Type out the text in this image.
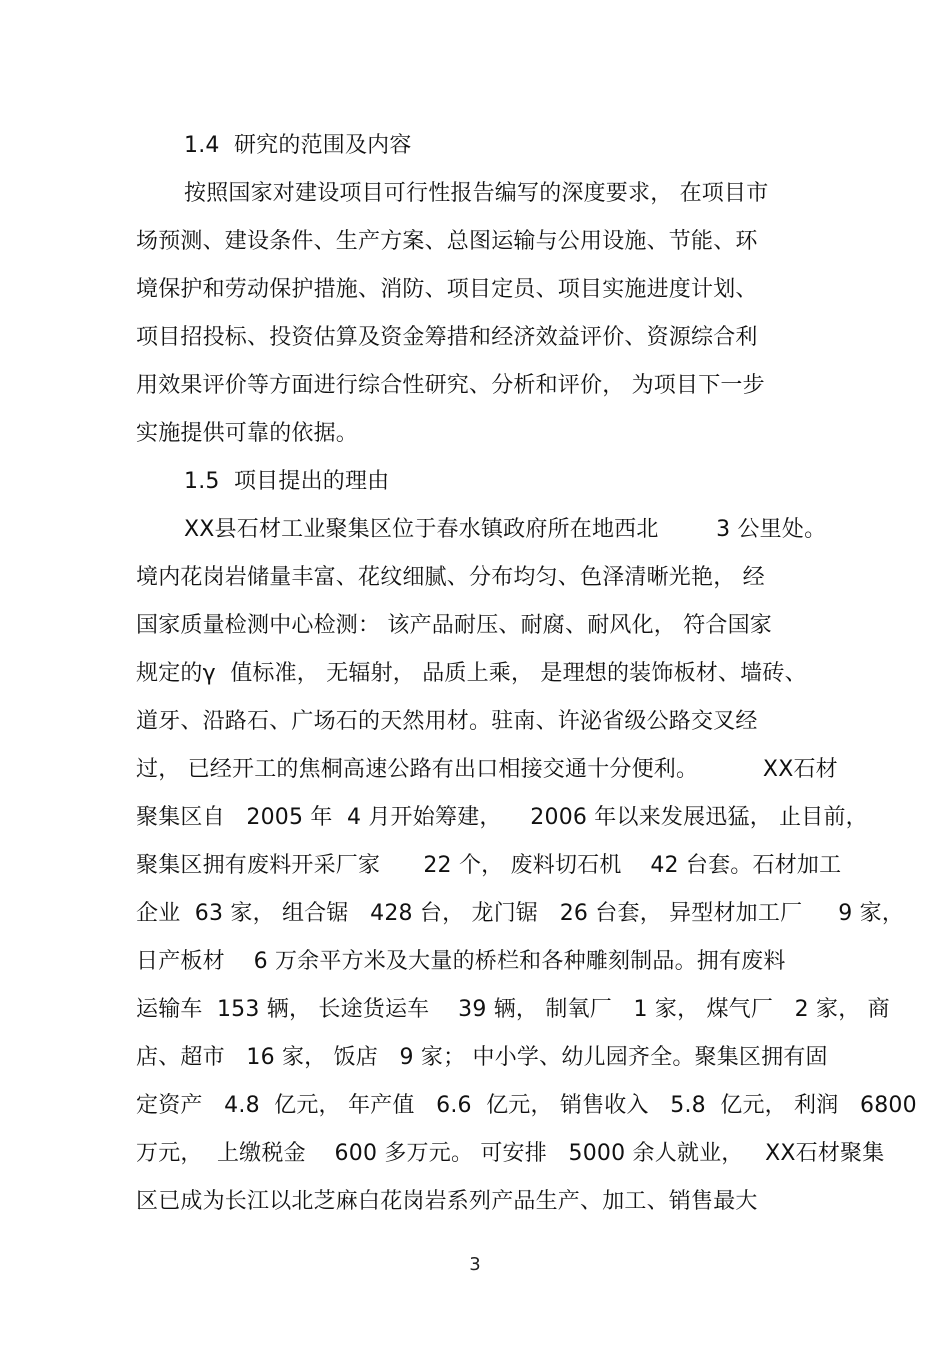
1.4  研究的范围及内容
按照国家对建设项目可行性报告编写的深度要求， 在项目市
场预测、建设条件、生产方案、总图运输与公用设施、节能、环
境保护和劳动保护措施、消防、项目定员、项目实施进度计划、
项目招投标、投资估算及资金筹措和经济效益评价、资源综合利
用效果评价等方面进行综合性研究、分析和评价， 为项目下一步
实施提供可靠的依据。
1.5  项目提出的理由
XX县石材工业聚集区位于春水镇政府所在地西北        3 公里处。
境内花岗岩储量丰富、花纹细腻、分布均匀、色泽清晰光艳， 经
国家质量检测中心检测： 该产品耐压、耐腐、耐风化， 符合国家
规定的γ  值标准， 无辐射， 品质上乘， 是理想的装饰板材、墙砖、
道牙、沿路石、广场石的天然用材。驻南、许泌省级公路交叉经
过， 已经开工的焦桐高速公路有出口相接交通十分便利。         XX石材
聚集区自   2005 年  4 月开始筹建，    2006 年以来发展迅猛， 止目前，
聚集区拥有废料开采厂家      22 个， 废料切石机    42 台套。石材加工
企业  63 家， 组合锯   428 台， 龙门锯   26 台套， 异型材加工厂     9 家，
日产板材    6 万余平方米及大量的桥栏和各种雕刻制品。拥有废料
运输车  153 辆， 长途货运车    39 辆， 制氧厂   1 家， 煤气厂   2 家， 商
店、超市   16 家， 饭店   9 家； 中小学、幼儿园齐全。聚集区拥有固
定资产   4.8  亿元， 年产值   6.6  亿元， 销售收入   5.8  亿元， 利润   6800
万元，  上缴税金    600 多万元。 可安排   5000 余人就业，   XX石材聚集
区已成为长江以北芝麻白花岗岩系列产品生产、加工、销售最大
3
